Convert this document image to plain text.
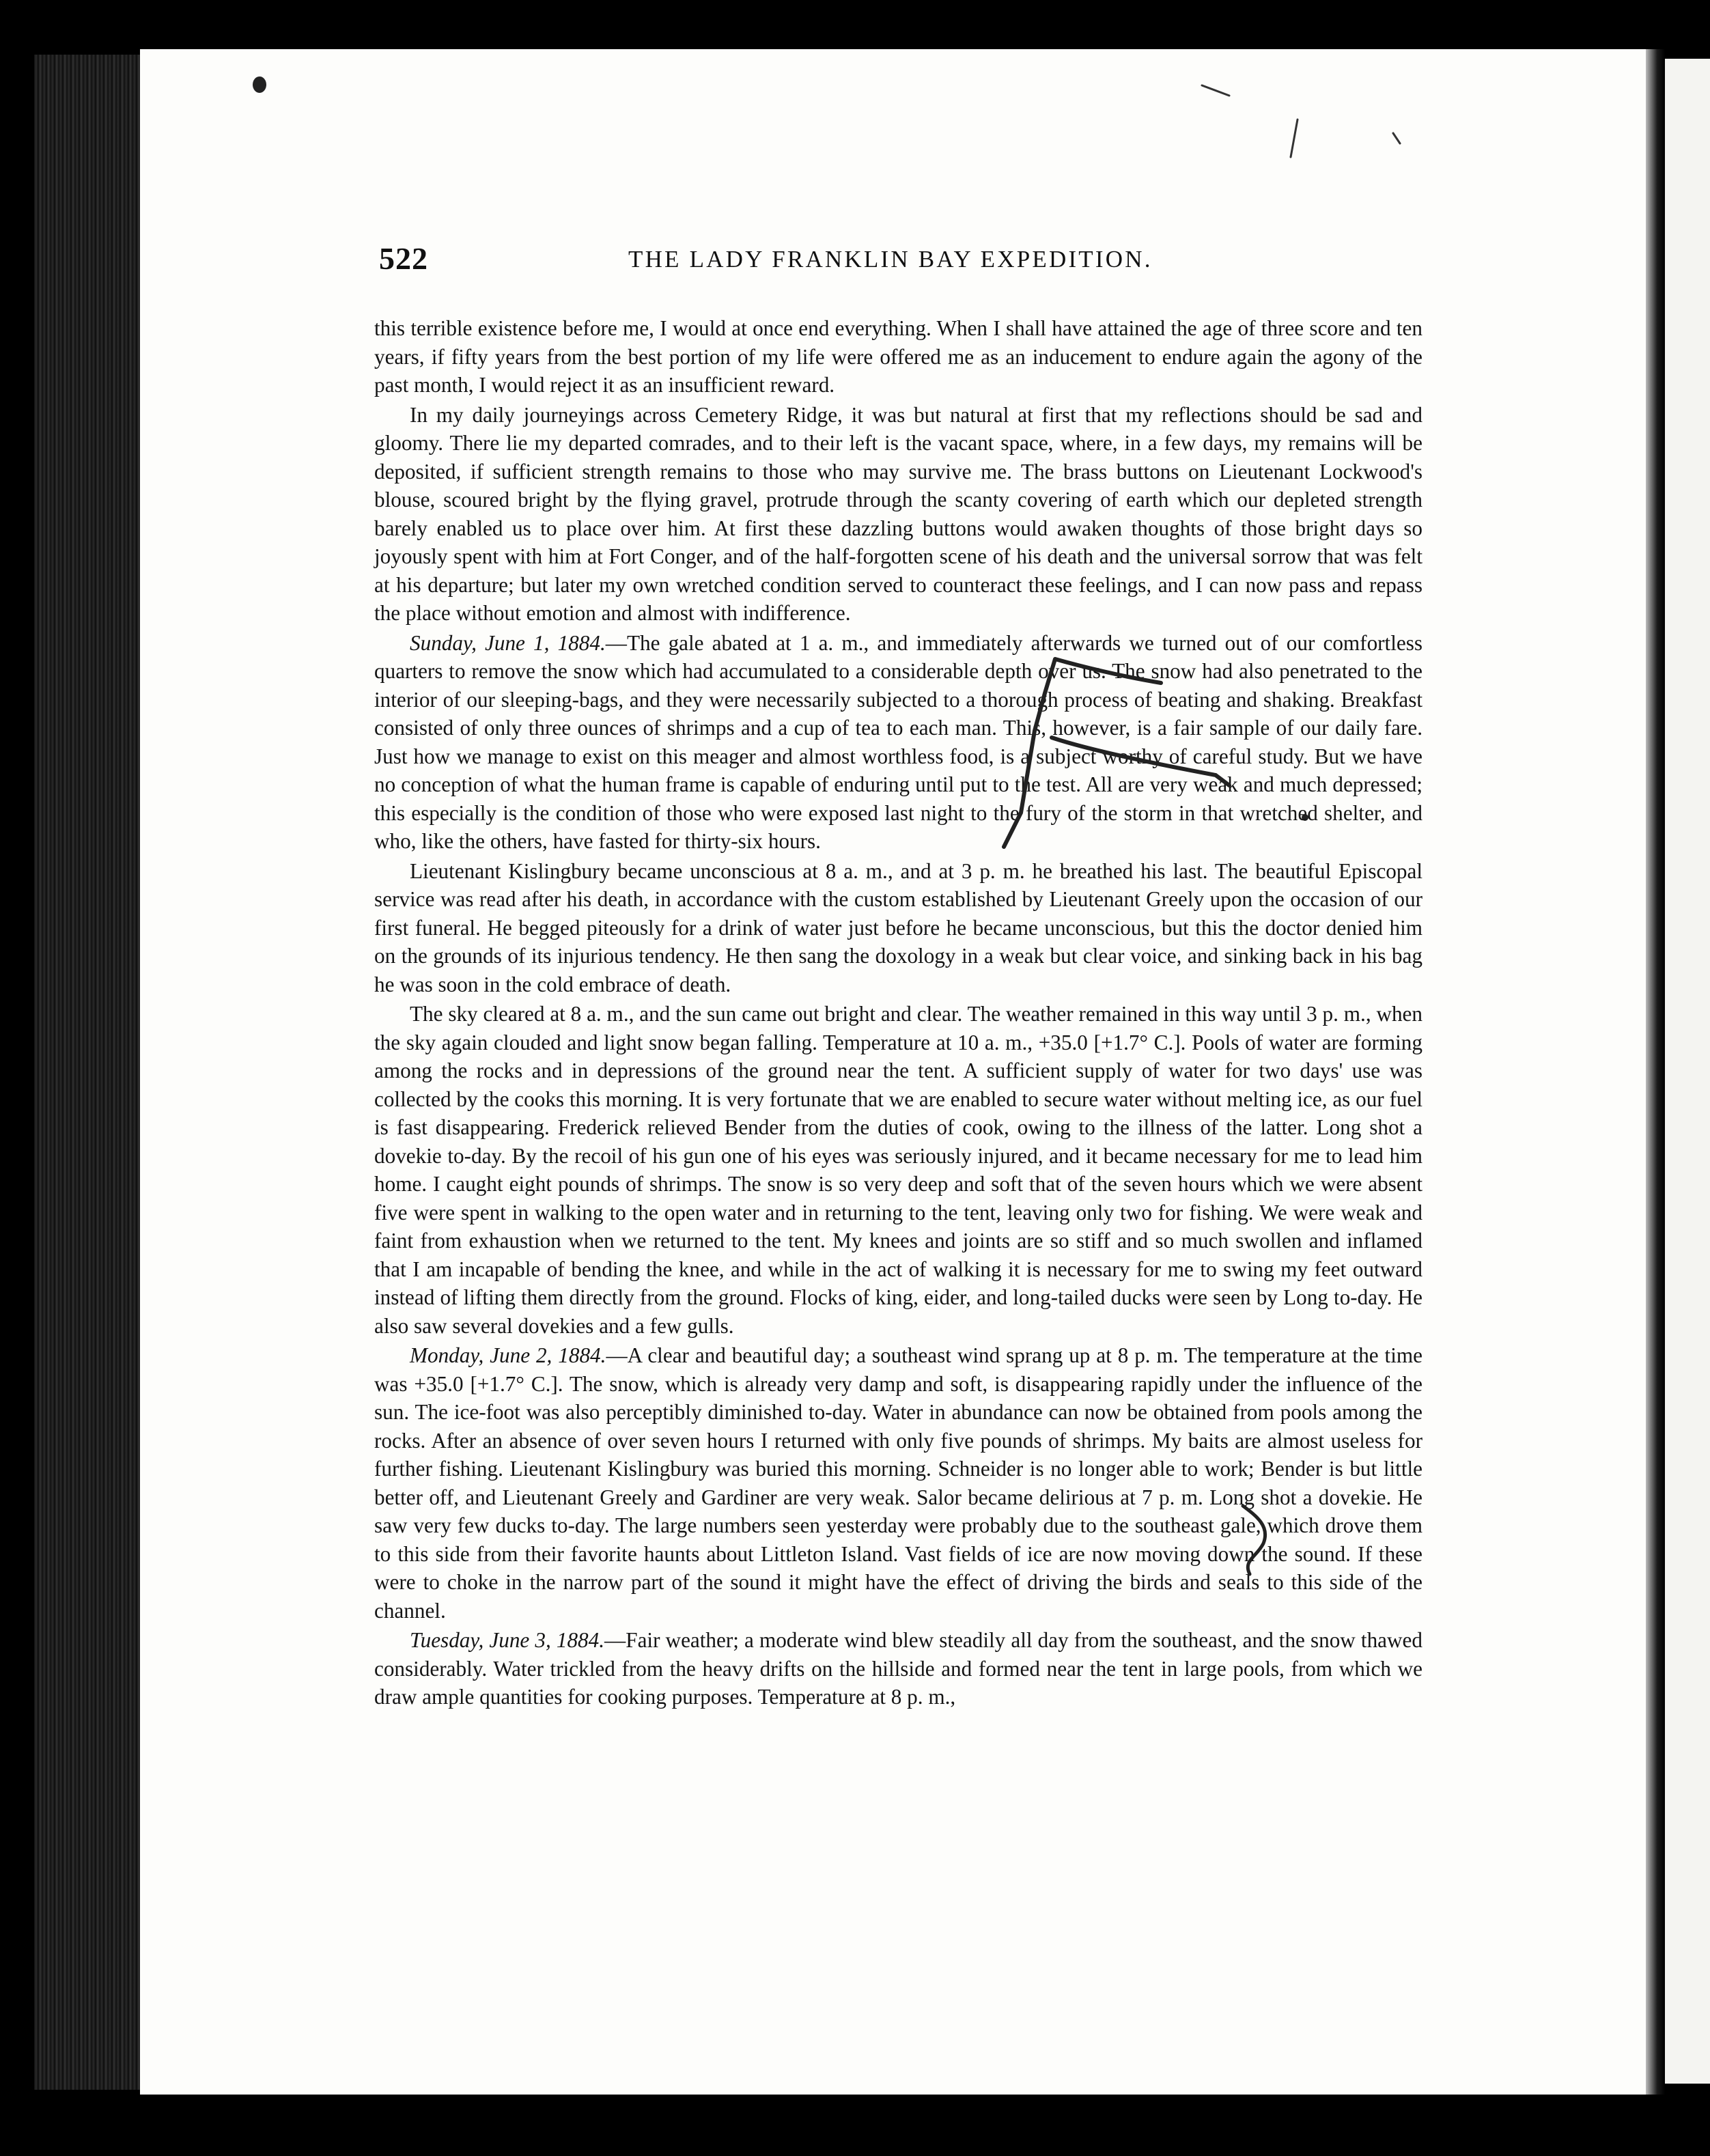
522	THE LADY FRANKLIN BAY EXPEDITION.

this terrible existence before me, I would at once end everything. When I shall have attained the age of three score and ten years, if fifty years from the best portion of my life were offered me as an inducement to endure again the agony of the past month, I would reject it as an insufficient reward.

In my daily journeyings across Cemetery Ridge, it was but natural at first that my reflections should be sad and gloomy. There lie my departed comrades, and to their left is the vacant space, where, in a few days, my remains will be deposited, if sufficient strength remains to those who may survive me. The brass buttons on Lieutenant Lockwood's blouse, scoured bright by the flying gravel, protrude through the scanty covering of earth which our depleted strength barely enabled us to place over him. At first these dazzling buttons would awaken thoughts of those bright days so joyously spent with him at Fort Conger, and of the half-forgotten scene of his death and the universal sorrow that was felt at his departure; but later my own wretched condition served to counteract these feelings, and I can now pass and repass the place without emotion and almost with indifference.

Sunday, June 1, 1884.—The gale abated at 1 a. m., and immediately afterwards we turned out of our comfortless quarters to remove the snow which had accumulated to a considerable depth over us. The snow had also penetrated to the interior of our sleeping-bags, and they were necessarily subjected to a thorough process of beating and shaking. Breakfast consisted of only three ounces of shrimps and a cup of tea to each man. This, however, is a fair sample of our daily fare. Just how we manage to exist on this meager and almost worthless food, is a subject worthy of careful study. But we have no conception of what the human frame is capable of enduring until put to the test. All are very weak and much depressed; this especially is the condition of those who were exposed last night to the fury of the storm in that wretched shelter, and who, like the others, have fasted for thirty-six hours.

Lieutenant Kislingbury became unconscious at 8 a. m., and at 3 p. m. he breathed his last. The beautiful Episcopal service was read after his death, in accordance with the custom established by Lieutenant Greely upon the occasion of our first funeral. He begged piteously for a drink of water just before he became unconscious, but this the doctor denied him on the grounds of its injurious tendency. He then sang the doxology in a weak but clear voice, and sinking back in his bag he was soon in the cold embrace of death.

The sky cleared at 8 a. m., and the sun came out bright and clear. The weather remained in this way until 3 p. m., when the sky again clouded and light snow began falling. Temperature at 10 a. m., +35.0 [+1.7° C.]. Pools of water are forming among the rocks and in depressions of the ground near the tent. A sufficient supply of water for two days' use was collected by the cooks this morning. It is very fortunate that we are enabled to secure water without melting ice, as our fuel is fast disappearing. Frederick relieved Bender from the duties of cook, owing to the illness of the latter. Long shot a dovekie to-day. By the recoil of his gun one of his eyes was seriously injured, and it became necessary for me to lead him home. I caught eight pounds of shrimps. The snow is so very deep and soft that of the seven hours which we were absent five were spent in walking to the open water and in returning to the tent, leaving only two for fishing. We were weak and faint from exhaustion when we returned to the tent. My knees and joints are so stiff and so much swollen and inflamed that I am incapable of bending the knee, and while in the act of walking it is necessary for me to swing my feet outward instead of lifting them directly from the ground. Flocks of king, eider, and long-tailed ducks were seen by Long to-day. He also saw several dovekies and a few gulls.

Monday, June 2, 1884.—A clear and beautiful day; a southeast wind sprang up at 8 p. m. The temperature at the time was +35.0 [+1.7° C.]. The snow, which is already very damp and soft, is disappearing rapidly under the influence of the sun. The ice-foot was also perceptibly diminished to-day. Water in abundance can now be obtained from pools among the rocks. After an absence of over seven hours I returned with only five pounds of shrimps. My baits are almost useless for further fishing. Lieutenant Kislingbury was buried this morning. Schneider is no longer able to work; Bender is but little better off, and Lieutenant Greely and Gardiner are very weak. Salor became delirious at 7 p. m. Long shot a dovekie. He saw very few ducks to-day. The large numbers seen yesterday were probably due to the southeast gale, which drove them to this side from their favorite haunts about Littleton Island. Vast fields of ice are now moving down the sound. If these were to choke in the narrow part of the sound it might have the effect of driving the birds and seals to this side of the channel.

Tuesday, June 3, 1884.—Fair weather; a moderate wind blew steadily all day from the southeast, and the snow thawed considerably. Water trickled from the heavy drifts on the hillside and formed near the tent in large pools, from which we draw ample quantities for cooking purposes. Temperature at 8 p. m.,
